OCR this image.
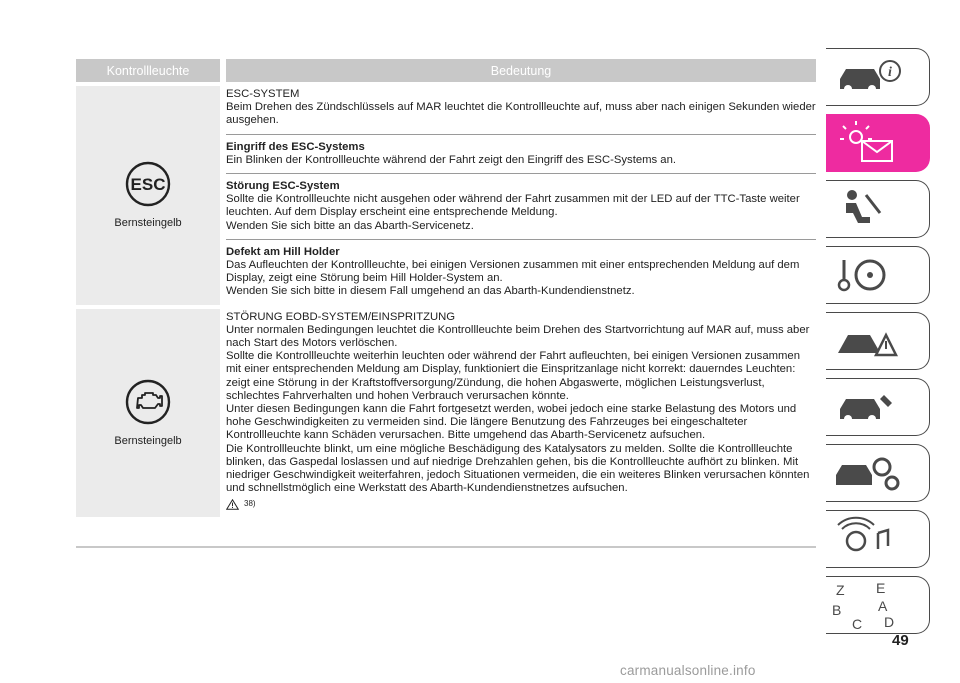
Kontrollleuchte	Bedeutung
ESC
Bernsteingelb
ESC-SYSTEM
Beim Drehen des Zündschlüssels auf MAR leuchtet die Kontrollleuchte auf, muss aber nach einigen Sekunden wieder ausgehen.
Eingriff des ESC-Systems
Ein Blinken der Kontrollleuchte während der Fahrt zeigt den Eingriff des ESC-Systems an.
Störung ESC-System
Sollte die Kontrollleuchte nicht ausgehen oder während der Fahrt zusammen mit der LED auf der TTC-Taste weiter leuchten. Auf dem Display erscheint eine entsprechende Meldung.
Wenden Sie sich bitte an das Abarth-Servicenetz.
Defekt am Hill Holder
Das Aufleuchten der Kontrollleuchte, bei einigen Versionen zusammen mit einer entsprechenden Meldung auf dem Display, zeigt eine Störung beim Hill Holder-System an.
Wenden Sie sich bitte in diesem Fall umgehend an das Abarth-Kundendienstnetz.
Bernsteingelb
STÖRUNG EOBD-SYSTEM/EINSPRITZUNG
Unter normalen Bedingungen leuchtet die Kontrollleuchte beim Drehen des Startvorrichtung auf MAR auf, muss aber nach Start des Motors verlöschen.
Sollte die Kontrollleuchte weiterhin leuchten oder während der Fahrt aufleuchten, bei einigen Versionen zusammen mit einer entsprechenden Meldung am Display, funktioniert die Einspritzanlage nicht korrekt: dauerndes Leuchten: zeigt eine Störung in der Kraftstoffversorgung/Zündung, die hohen Abgaswerte, möglichen Leistungsverlust, schlechtes Fahrverhalten und hohen Verbrauch verursachen könnte.
Unter diesen Bedingungen kann die Fahrt fortgesetzt werden, wobei jedoch eine starke Belastung des Motors und hohe Geschwindigkeiten zu vermeiden sind. Die längere Benutzung des Fahrzeuges bei eingeschalteter Kontrollleuchte kann Schäden verursachen. Bitte umgehend das Abarth-Servicenetz aufsuchen.
Die Kontrollleuchte blinkt, um eine mögliche Beschädigung des Katalysators zu melden. Sollte die Kontrollleuchte blinken, das Gaspedal loslassen und auf niedrige Drehzahlen gehen, bis die Kontrollleuchte aufhört zu blinken. Mit niedriger Geschwindigkeit weiterfahren, jedoch Situationen vermeiden, die ein weiteres Blinken verursachen könnten und schnellstmöglich eine Werkstatt des Abarth-Kundendienstnetzes aufsuchen.
38)
i
Z E
B	A
C D
49
carmanualsonline.info
